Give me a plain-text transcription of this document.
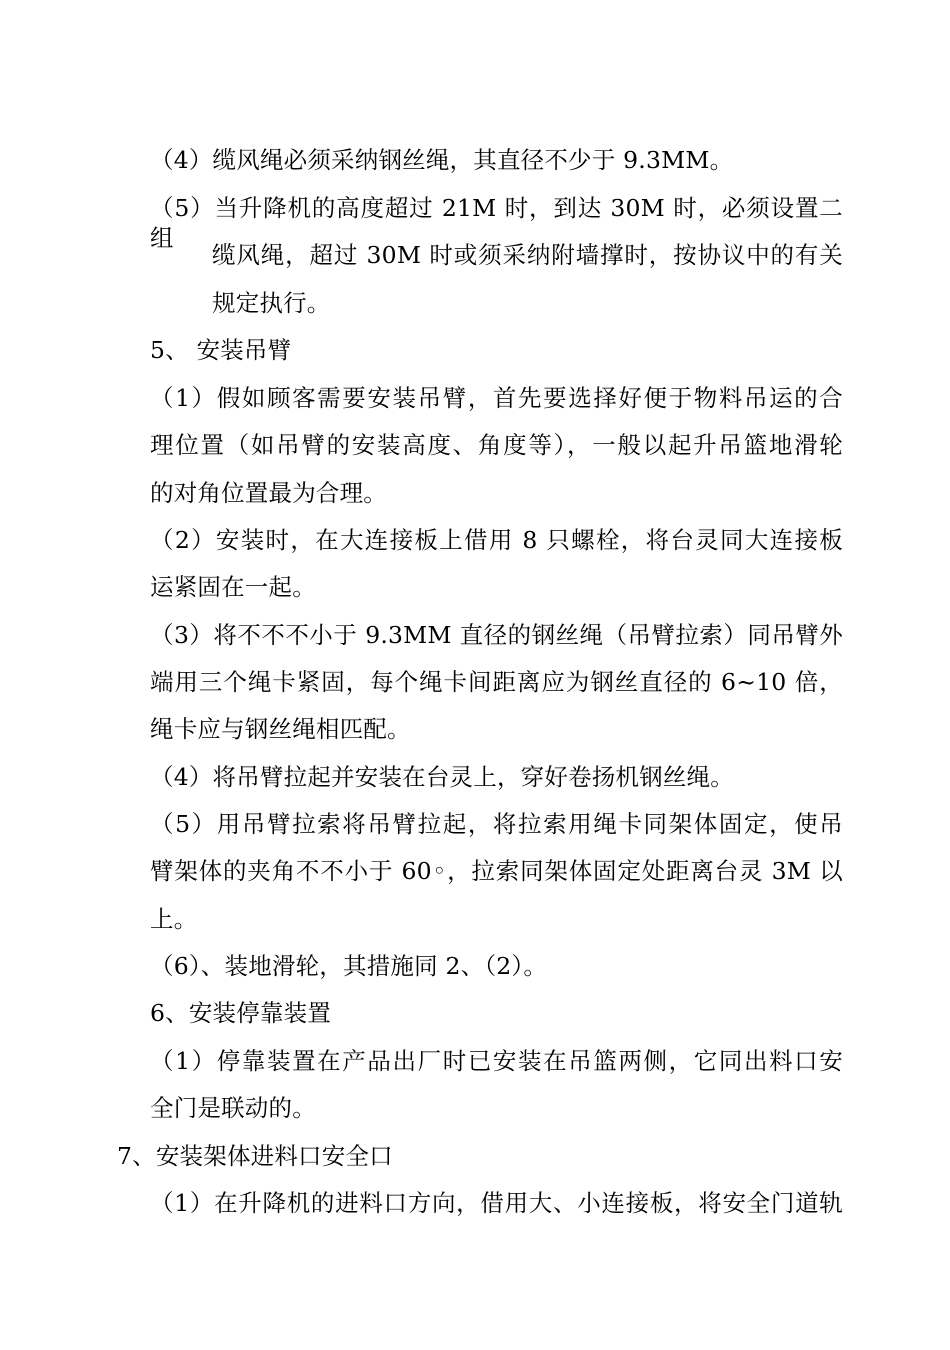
（4）缆风绳必须采纳钢丝绳，其直径不少于 9.3MM。
（5）当升降机的高度超过 21M 时，到达 30M 时，必须设置二组
缆风绳，超过 30M 时或须采纳附墙撑时，按协议中的有关
规定执行。
5、 安装吊臂
（1）假如顾客需要安装吊臂，首先要选择好便于物料吊运的合
理位置（如吊臂的安装高度、角度等），一般以起升吊篮地滑轮
的对角位置最为合理。
（2）安装时，在大连接板上借用 8 只螺栓，将台灵同大连接板
运紧固在一起。
（3）将不不不小于 9.3MM 直径的钢丝绳（吊臂拉索）同吊臂外
端用三个绳卡紧固，每个绳卡间距离应为钢丝直径的 6~10 倍，
绳卡应与钢丝绳相匹配。
（4）将吊臂拉起并安装在台灵上，穿好卷扬机钢丝绳。
（5）用吊臂拉索将吊臂拉起，将拉索用绳卡同架体固定，使吊
臂架体的夹角不不小于 60◦，拉索同架体固定处距离台灵 3M 以
上。
（6）、装地滑轮，其措施同 2、（2）。
6、安装停靠装置
（1）停靠装置在产品出厂时已安装在吊篮两侧，它同出料口安
全门是联动的。
7、安装架体进料口安全口
（1）在升降机的进料口方向，借用大、小连接板，将安全门道轨
